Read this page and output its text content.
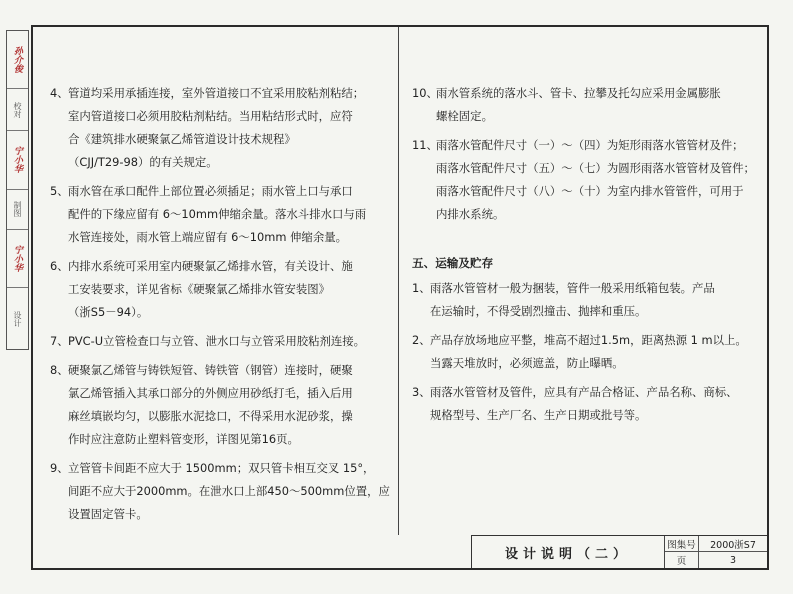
孙介俊
校对
宁小华
制图
宁小华
设计
4、 管道均采用承插连接，室外管道接口不宜采用胶粘剂粘结；
室内管道接口必须用胶粘剂粘结。当用粘结形式时，应符
合《建筑排水硬聚氯乙烯管道设计技术规程》
（CJJ/T29-98）的有关规定。
5、 雨水管在承口配件上部位置必须插足；雨水管上口与承口
配件的下缘应留有 6～10mm伸缩余量。落水斗排水口与雨
水管连接处，雨水管上端应留有 6～10mm 伸缩余量。
6、 内排水系统可采用室内硬聚氯乙烯排水管，有关设计、施
工安装要求，详见省标《硬聚氯乙烯排水管安装图》
（浙S5－94）。
7、 PVC-U立管检查口与立管、泄水口与立管采用胶粘剂连接。
8、 硬聚氯乙烯管与铸铁短管、铸铁管（钢管）连接时，硬聚
氯乙烯管插入其承口部分的外侧应用砂纸打毛，插入后用
麻丝填嵌均匀，以膨胀水泥捻口，不得采用水泥砂浆，操
作时应注意防止塑料管变形，详图见第16页。
9、 立管管卡间距不应大于 1500mm；双只管卡相互交叉 15°，
间距不应大于2000mm。在泄水口上部450～500mm位置，应
设置固定管卡。
10、
雨水管系统的落水斗、管卡、拉攀及托勾应采用金属膨胀
螺栓固定。
11、
雨落水管配件尺寸（一）～（四）为矩形雨落水管管材及件；
雨落水管配件尺寸（五）～（七）为圆形雨落水管管材及管件；
雨落水管配件尺寸（八）～（十）为室内排水管管件，可用于
内排水系统。
五、运输及贮存
1、 雨落水管管材一般为捆装，管件一般采用纸箱包装。产品
在运输时，不得受剧烈撞击、抛摔和重压。
2、 产品存放场地应平整，堆高不超过1.5m，距离热源 1 m以上。
当露天堆放时，必须遮盖，防止曝晒。
3、 雨落水管管材及管件，应具有产品合格证、产品名称、商标、
规格型号、生产厂名、生产日期或批号等。
设计说明（二）
图集号	2000浙S7
页	3
